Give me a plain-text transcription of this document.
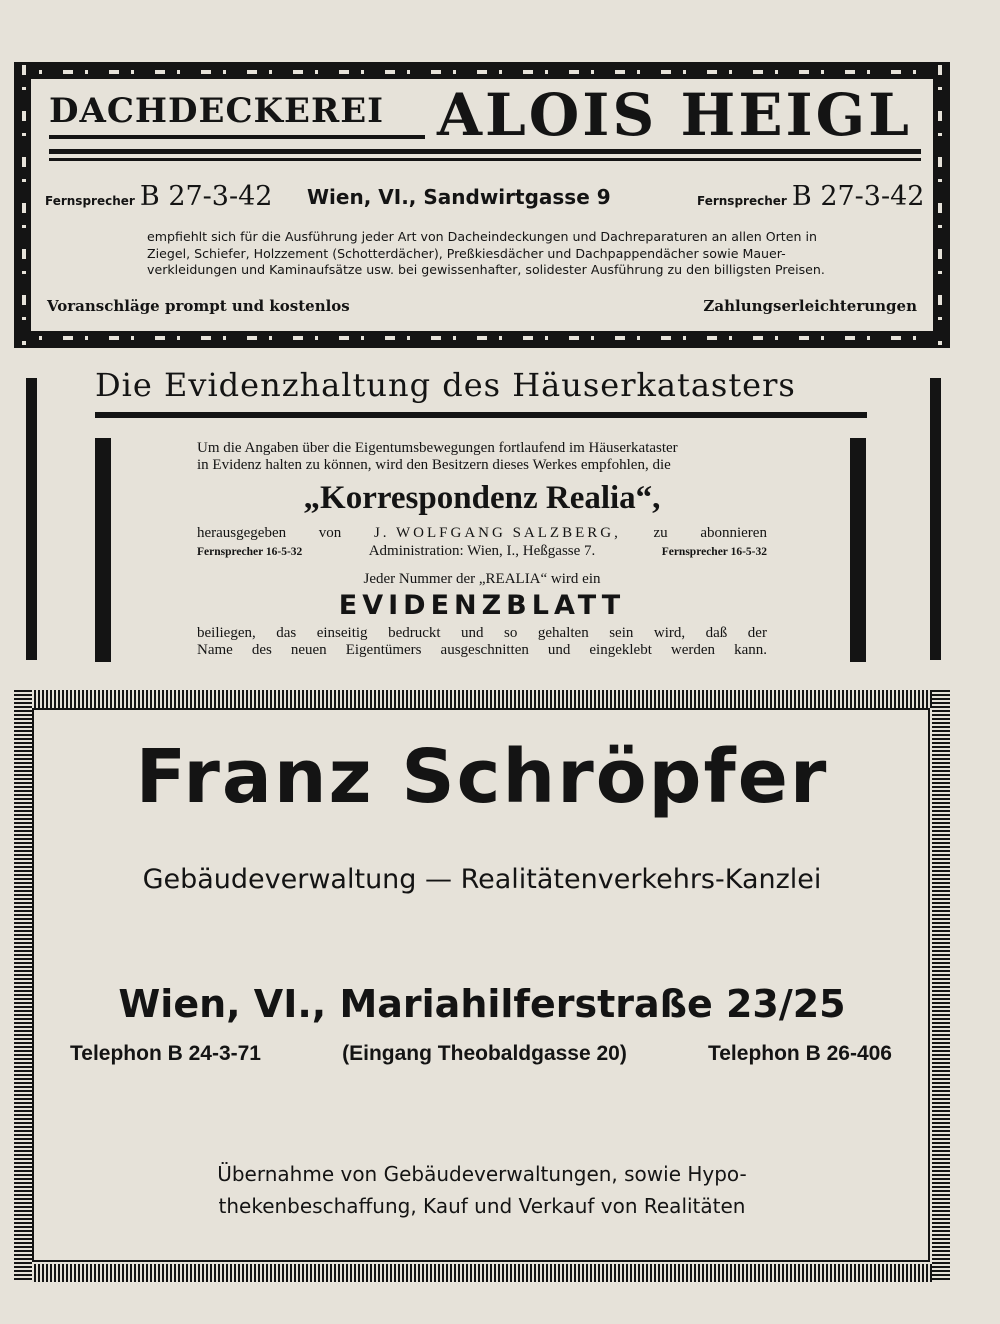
DACHDECKEREI ALOIS HEIGL
Fernsprecher B 27-3-42 Wien, VI., Sandwirtgasse 9	Fernsprecher B 27-3-42

empfiehlt sich für die Ausführung jeder Art von Dacheindeckungen und Dachreparaturen an allen Orten in

Ziegel, Schiefer, Holzzement (Schotterdächer), Preßkiesdächer und Dachpappendächer sowie Mauer-

verkleidungen und Kaminaufsätze usw. bei gewissenhafter, solidester Ausführung zu den billigsten Preisen.

Voranschläge prompt und kostenlos	Zahlungserleichterungen
Die Evidenzhaltung des Häuserkatasters
Um die Angaben über die Eigentumsbewegungen fortlaufend im Häuserkataster
in Evidenz halten zu können, wird den Besitzern dieses Werkes empfohlen, die
„Korrespondenz Realia“,
herausgegeben von J. WOLFGANG SALZBERG, zu abonnieren
Fernsprecher 16-5-32	Administration: Wien, I., Heßgasse 7.	Fernsprecher 16-5-32
Jeder Nummer der „REALIA“ wird ein
EVIDENZBLATT
beiliegen, das einseitig bedruckt und so gehalten sein wird, daß der
Name des neuen Eigentümers ausgeschnitten und eingeklebt werden kann.
Franz Schröpfer
Gebäudeverwaltung — Realitätenverkehrs-Kanzlei
Wien, VI., Mariahilferstraße 23/25
Telephon B 24-3-71	(Eingang Theobaldgasse 20)	Telephon B 26-406

Übernahme von Gebäudeverwaltungen, sowie Hypo-

thekenbeschaffung, Kauf und Verkauf von Realitäten
